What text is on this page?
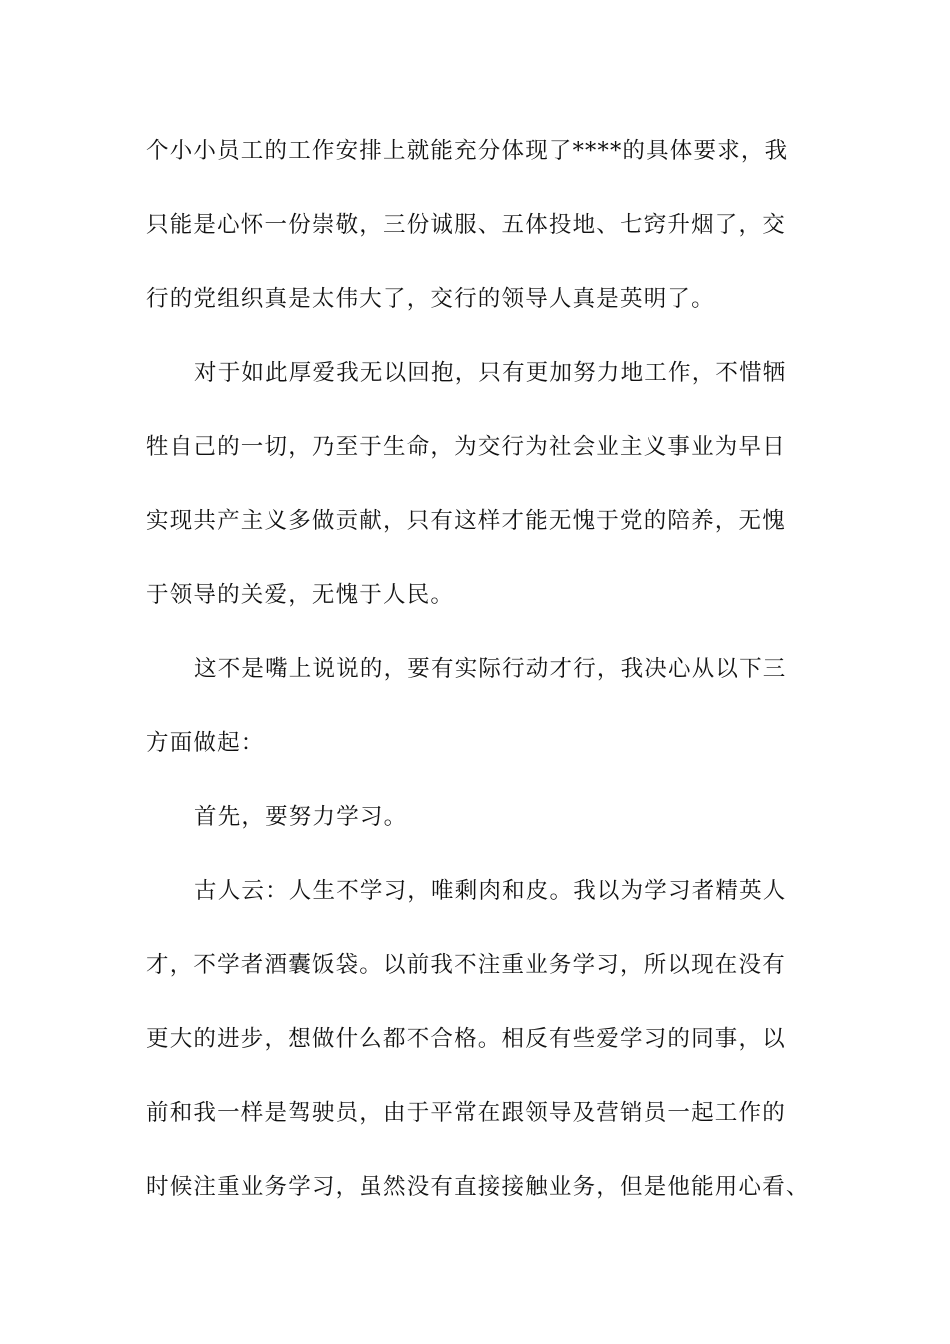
个小小员工的工作安排上就能充分体现了****的具体要求，我
只能是心怀一份崇敬，三份诚服、五体投地、七窍升烟了，交
行的党组织真是太伟大了，交行的领导人真是英明了。
对于如此厚爱我无以回抱，只有更加努力地工作，不惜牺
牲自己的一切，乃至于生命，为交行为社会业主义事业为早日
实现共产主义多做贡献，只有这样才能无愧于党的陪养，无愧
于领导的关爱，无愧于人民。
这不是嘴上说说的，要有实际行动才行，我决心从以下三
方面做起：
首先，要努力学习。
古人云：人生不学习，唯剩肉和皮。我以为学习者精英人
才，不学者酒囊饭袋。以前我不注重业务学习，所以现在没有
更大的进步，想做什么都不合格。相反有些爱学习的同事，以
前和我一样是驾驶员，由于平常在跟领导及营销员一起工作的
时候注重业务学习，虽然没有直接接触业务，但是他能用心看、
